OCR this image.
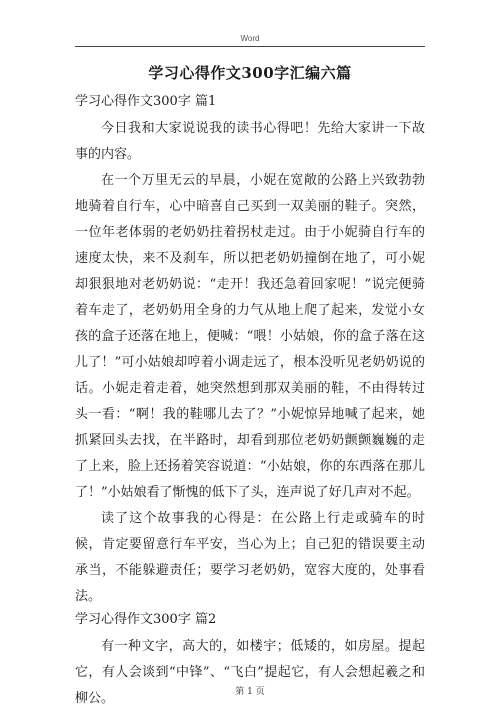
Word
学习心得作文300字汇编六篇
学习心得作文300字 篇1

今日我和大家说说我的读书心得吧！先给大家讲一下故事的内容。

在一个万里无云的早晨，小妮在宽敞的公路上兴致勃勃地骑着自行车，心中暗喜自己买到一双美丽的鞋子。突然，一位年老体弱的老奶奶拄着拐杖走过。由于小妮骑自行车的速度太快，来不及刹车，所以把老奶奶撞倒在地了，可小妮却狠狠地对老奶奶说：“走开！我还急着回家呢！”说完便骑着车走了，老奶奶用全身的力气从地上爬了起来，发觉小女孩的盒子还落在地上，便喊：“喂！小姑娘，你的盒子落在这儿了！”可小姑娘却哼着小调走远了，根本没听见老奶奶说的话。小妮走着走着，她突然想到那双美丽的鞋，不由得转过头一看：“啊！我的鞋哪儿去了？”小妮惊异地喊了起来，她抓紧回头去找，在半路时，却看到那位老奶奶颤颤巍巍的走了上来，脸上还扬着笑容说道：“小姑娘，你的东西落在那儿了！”小姑娘看了惭愧的低下了头，连声说了好几声对不起。

读了这个故事我的心得是：在公路上行走或骑车的时候，肯定要留意行车平安，当心为上；自己犯的错误要主动承当，不能躲避责任；要学习老奶奶，宽容大度的，处事看法。

学习心得作文300字 篇2

有一种文字，高大的，如楼宇；低矮的，如房屋。提起它，有人会谈到“中锋”、“飞白”提起它，有人会想起羲之和柳公。	第 1 页
